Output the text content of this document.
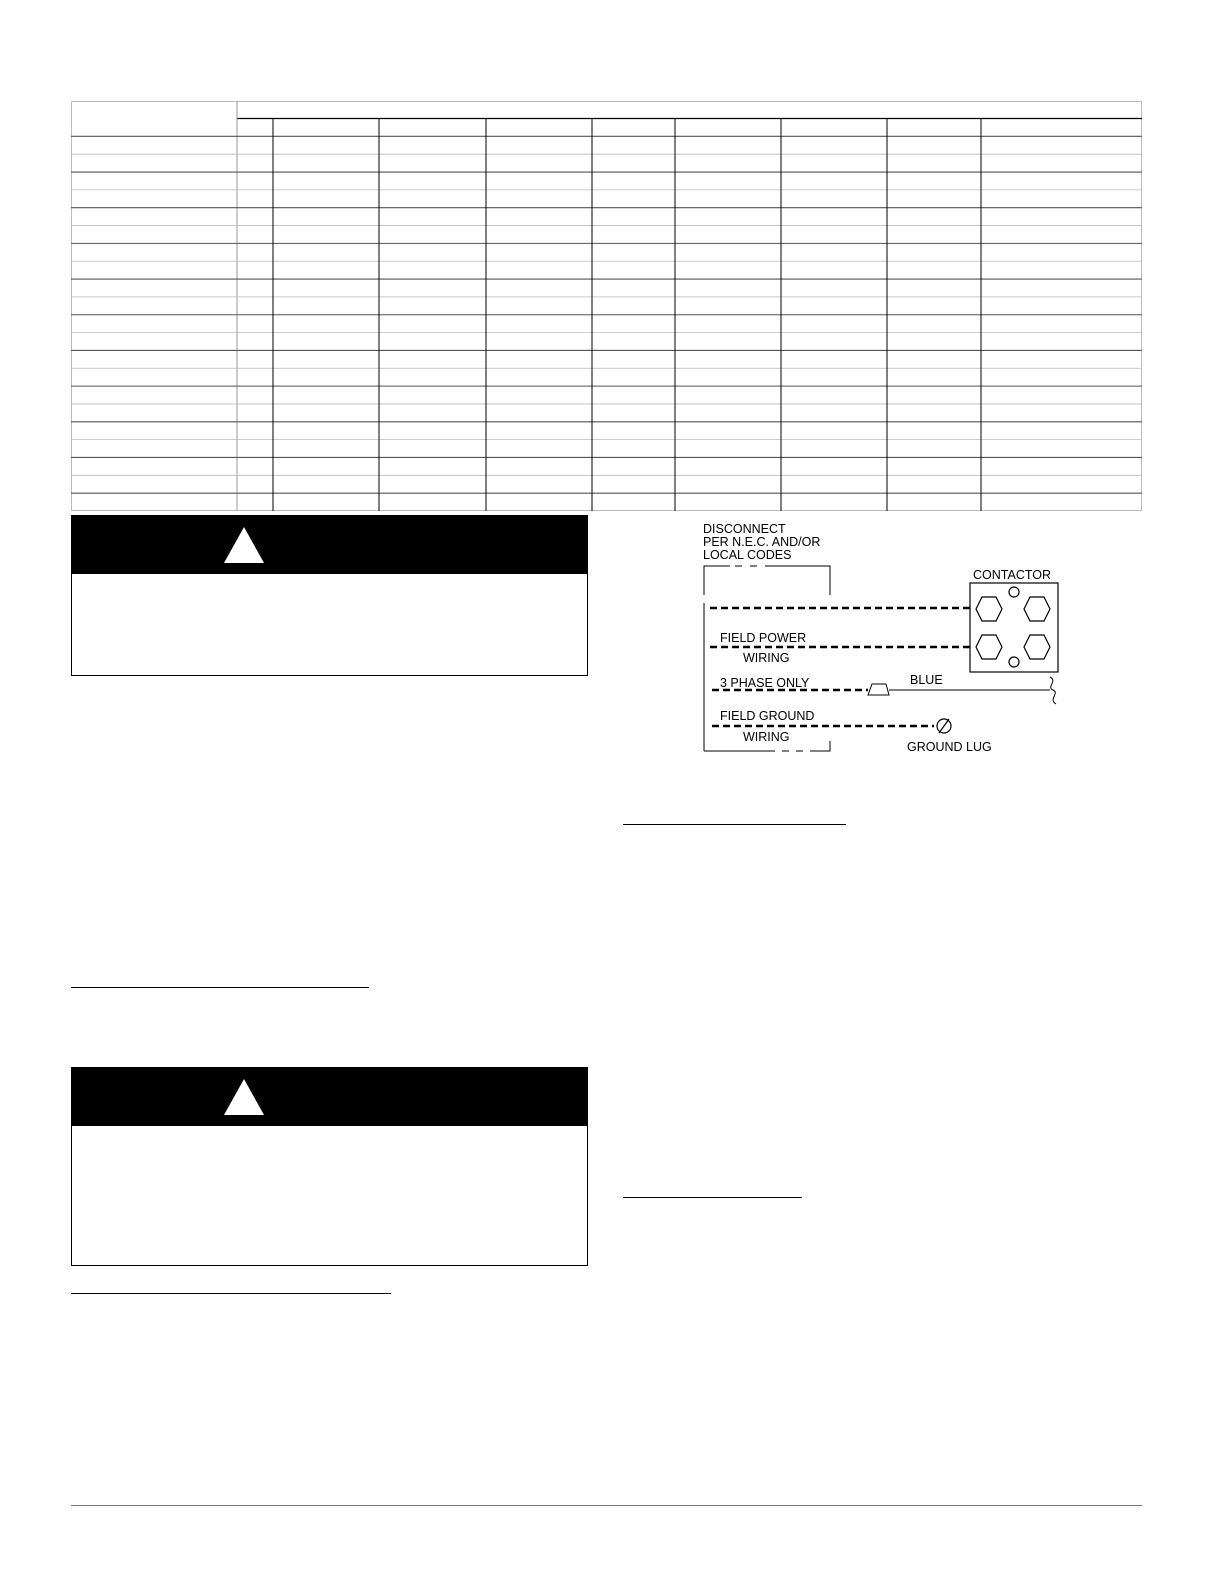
DISCONNECT
PER N.E.C. AND/OR
LOCAL CODES
CONTACTOR
FIELD POWER
WIRING
3 PHASE ONLY	BLUE
FIELD GROUND
WIRING
GROUND LUG
